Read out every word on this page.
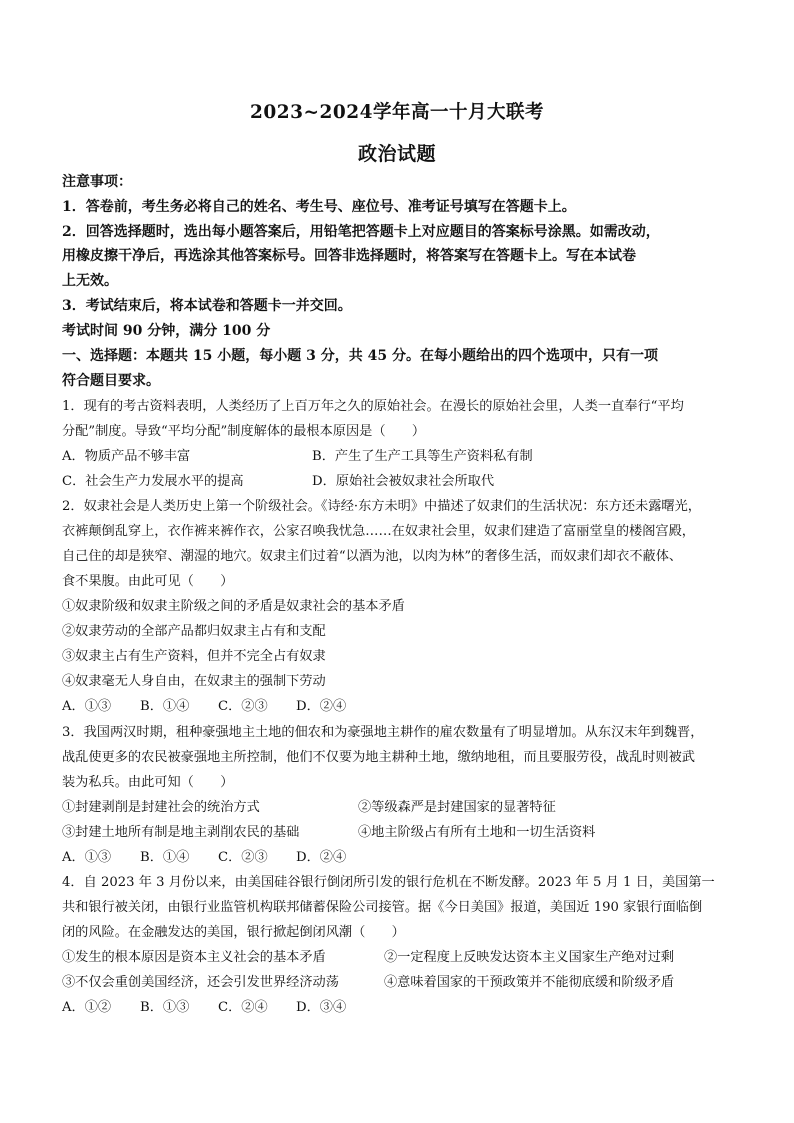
2023~2024学年高一十月大联考
政治试题
注意事项：
1．答卷前，考生务必将自己的姓名、考生号、座位号、准考证号填写在答题卡上。
2．回答选择题时，选出每小题答案后，用铅笔把答题卡上对应题目的答案标号涂黑。如需改动，
用橡皮擦干净后，再选涂其他答案标号。回答非选择题时，将答案写在答题卡上。写在本试卷
上无效。
3．考试结束后，将本试卷和答题卡一并交回。
考试时间 90 分钟，满分 100 分
一、选择题：本题共 15 小题，每小题 3 分，共 45 分。在每小题给出的四个选项中，只有一项
符合题目要求。
1．现有的考古资料表明，人类经历了上百万年之久的原始社会。在漫长的原始社会里，人类一直奉行“平均
分配”制度。导致“平均分配”制度解体的最根本原因是（　　）
A．物质产品不够丰富	B．产生了生产工具等生产资料私有制
C．社会生产力发展水平的提高	D．原始社会被奴隶社会所取代
2．奴隶社会是人类历史上第一个阶级社会。《诗经·东方未明》中描述了奴隶们的生活状况：东方还未露曙光，
衣裤颠倒乱穿上，衣作裤来裤作衣，公家召唤我忧急……在奴隶社会里，奴隶们建造了富丽堂皇的楼阁宫殿，
自己住的却是狭窄、潮湿的地穴。奴隶主们过着“以酒为池，以肉为林”的奢侈生活，而奴隶们却衣不蔽体、
食不果腹。由此可见（　　）
①奴隶阶级和奴隶主阶级之间的矛盾是奴隶社会的基本矛盾
②奴隶劳动的全部产品都归奴隶主占有和支配
③奴隶主占有生产资料，但并不完全占有奴隶
④奴隶毫无人身自由，在奴隶主的强制下劳动
A．①③ B．①④ C．②③ D．②④
3．我国两汉时期，租种豪强地主土地的佃农和为豪强地主耕作的雇农数量有了明显增加。从东汉末年到魏晋，
战乱使更多的农民被豪强地主所控制，他们不仅要为地主耕种土地，缴纳地租，而且要服劳役，战乱时则被武
装为私兵。由此可知（　　）
①封建剥削是封建社会的统治方式	②等级森严是封建国家的显著特征
③封建土地所有制是地主剥削农民的基础	④地主阶级占有所有土地和一切生活资料
A．①③ B．①④ C．②③ D．②④
4．自 2023 年 3 月份以来，由美国硅谷银行倒闭所引发的银行危机在不断发酵。2023 年 5 月 1 日，美国第一
共和银行被关闭，由银行业监管机构联邦储蓄保险公司接管。据《今日美国》报道，美国近 190 家银行面临倒
闭的风险。在金融发达的美国，银行掀起倒闭风潮（　　）
①发生的根本原因是资本主义社会的基本矛盾	②一定程度上反映发达资本主义国家生产绝对过剩
③不仅会重创美国经济，还会引发世界经济动荡	④意味着国家的干预政策并不能彻底缓和阶级矛盾
A．①② B．①③ C．②④ D．③④
